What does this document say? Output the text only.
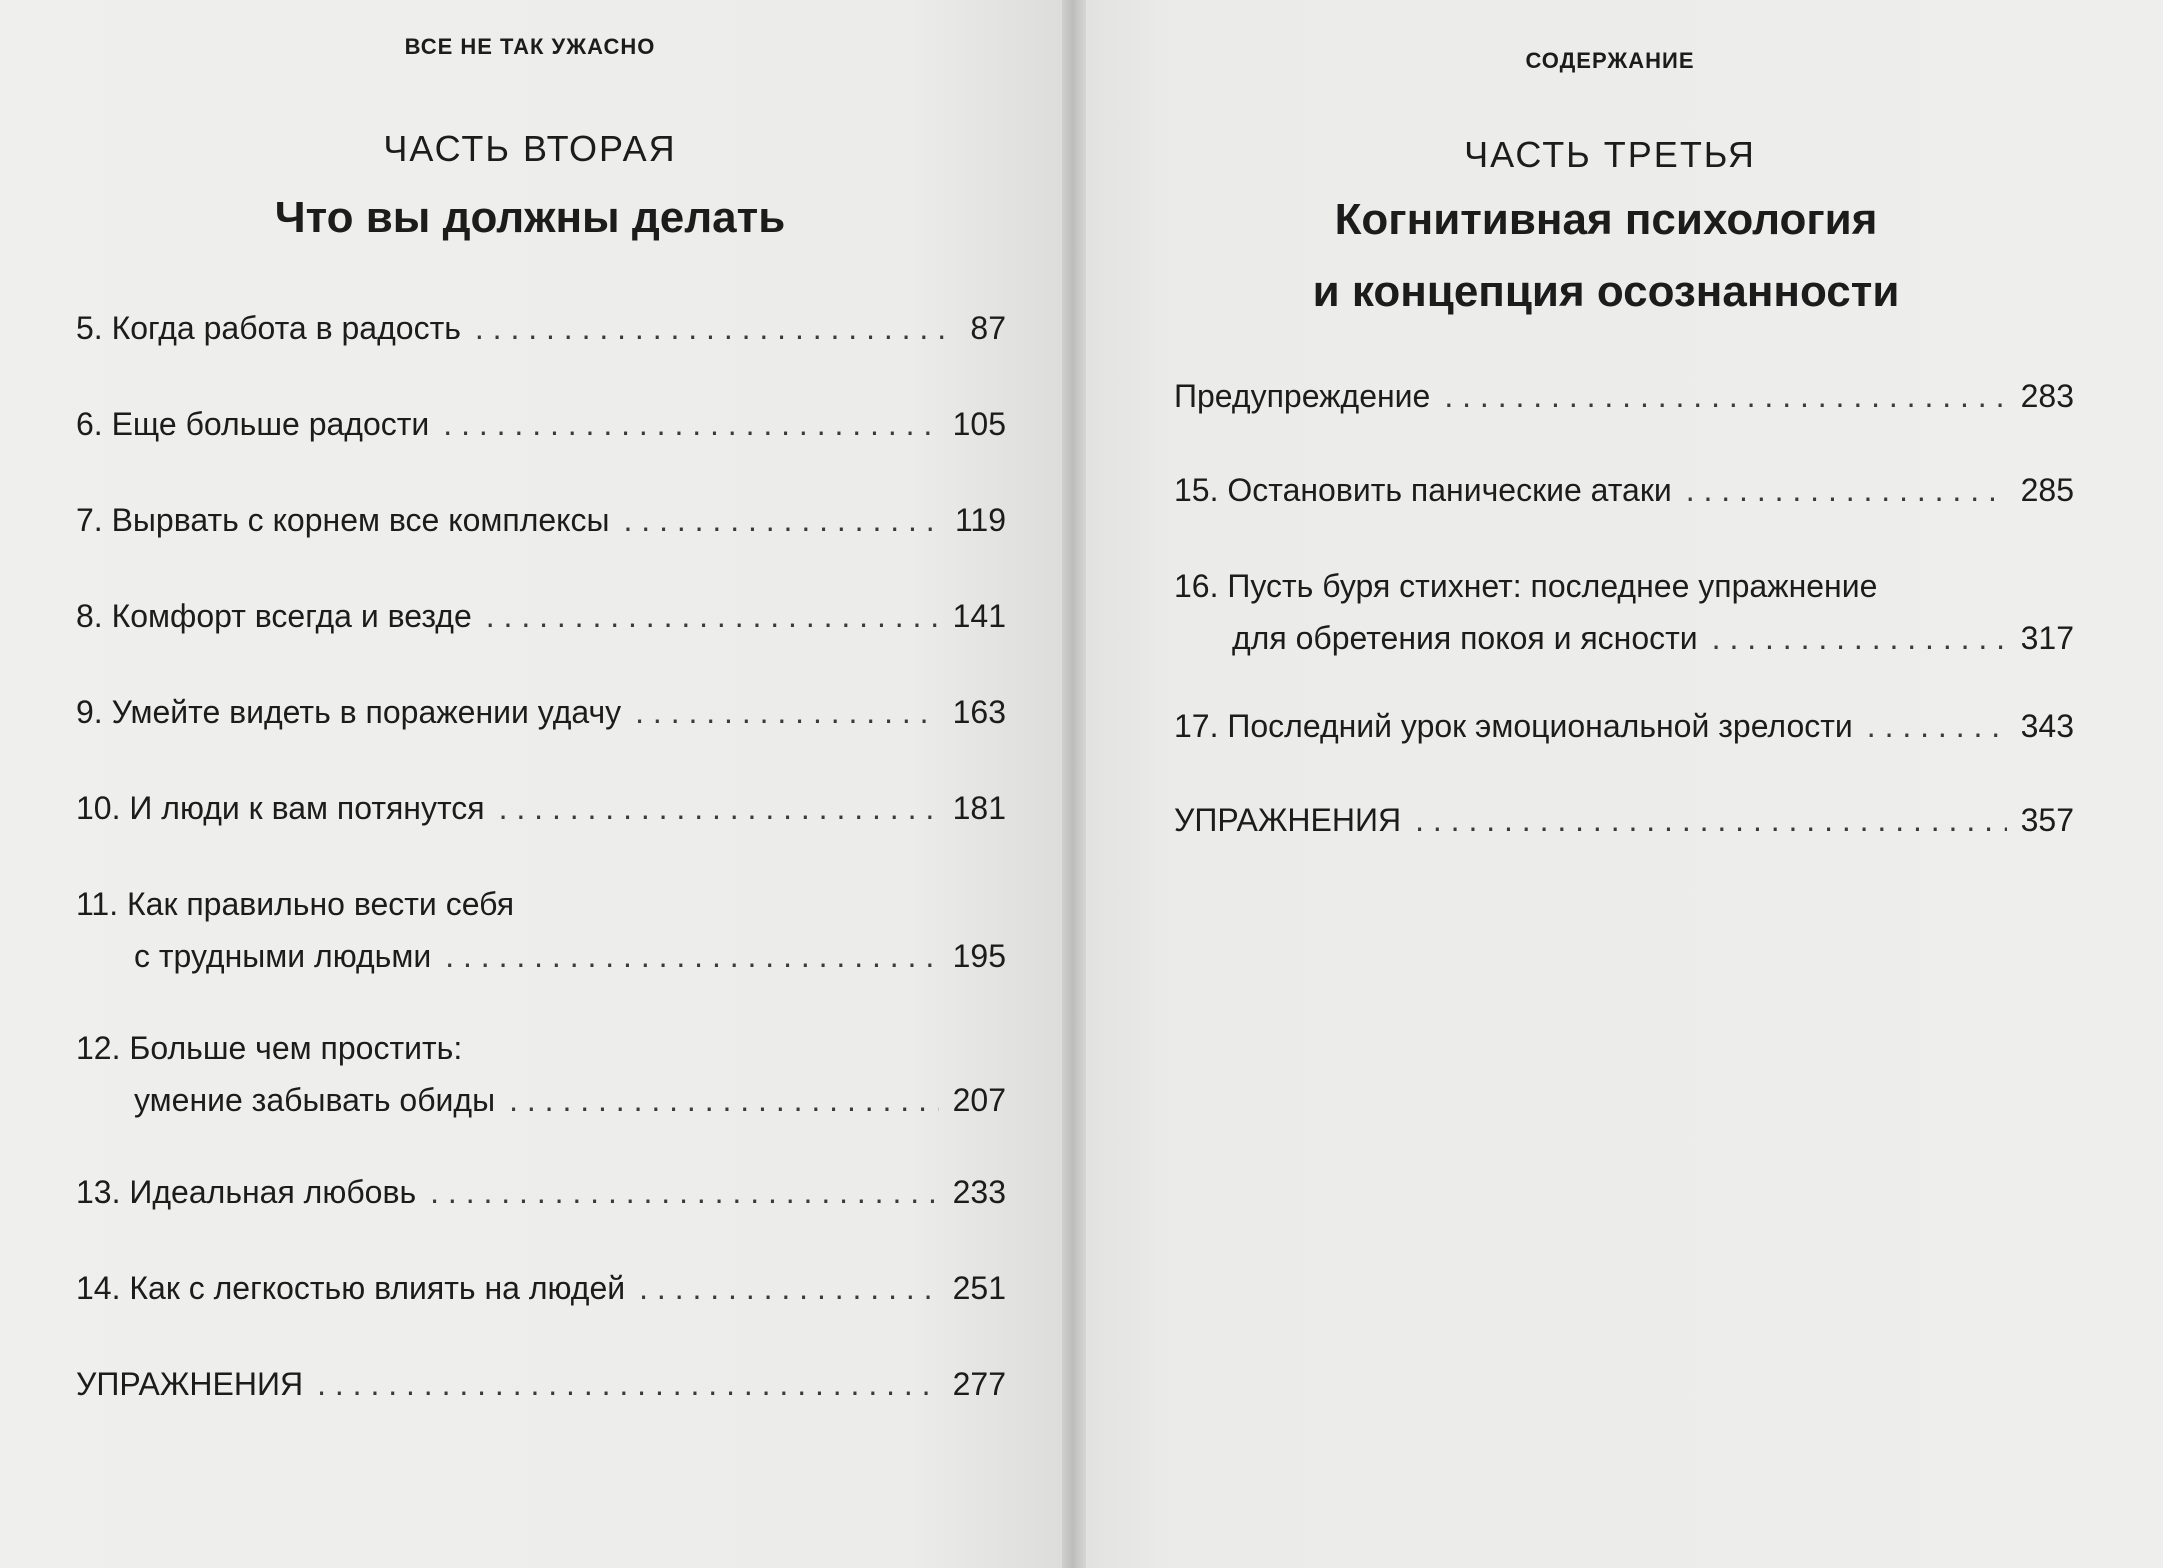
ВСЕ НЕ ТАК УЖАСНО
ЧАСТЬ ВТОРАЯ
Что вы должны делать
5. Когда работа в радость . . .	87
6. Еще больше радости . . .	105
7. Вырвать с корнем все комплексы . . .	119
8. Комфорт всегда и везде . . .	141
9. Умейте видеть в поражении удачу . . .	163
10. И люди к вам потянутся . . .	181
11. Как правильно вести себя
с трудными людьми . . .	195
12. Больше чем простить:
умение забывать обиды . . .	207
13. Идеальная любовь . . .	233
14. Как с легкостью влиять на людей . . .	251
УПРАЖНЕНИЯ . . .	277
СОДЕРЖАНИЕ
ЧАСТЬ ТРЕТЬЯ
Когнитивная психология
и концепция осознанности
Предупреждение . . .	283
15. Остановить панические атаки . . .	285
16. Пусть буря стихнет: последнее упражнение
для обретения покоя и ясности . . .	317
17. Последний урок эмоциональной зрелости . . .	343
УПРАЖНЕНИЯ . . .	357
